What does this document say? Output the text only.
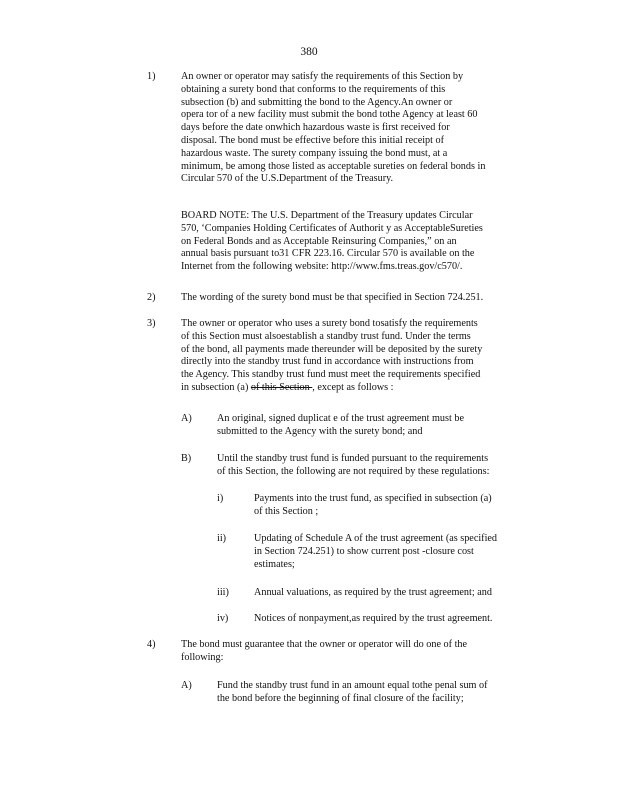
380
1)	An owner or operator may satisfy the requirements of this Section by
obtaining a surety bond that conforms to the requirements of this
subsection (b) and submitting the bond to the Agency.An owner or
opera tor of a new facility must submit the bond tothe Agency at least 60
days before the date onwhich hazardous waste is first received for
disposal. The bond must be effective before this initial receipt of
hazardous waste. The surety company issuing the bond must, at a
minimum, be among those listed as acceptable sureties on federal bonds in
Circular 570 of the U.S.Department of the Treasury.
BOARD NOTE: The U.S. Department of the Treasury updates Circular
570, ‘Companies Holding Certificates of Authorit y as AcceptableSureties
on Federal Bonds and as Acceptable Reinsuring Companies,” on an
annual basis pursuant to31 CFR 223.16. Circular 570 is available on the
Internet from the following website: http://www.fms.treas.gov/c570/.
2)	The wording of the surety bond must be that specified in Section 724.251.
3)	The owner or operator who uses a surety bond tosatisfy the requirements
of this Section must alsoestablish a standby trust fund. Under the terms
of the bond, all payments made thereunder will be deposited by the surety
directly into the standby trust fund in accordance with instructions from
the Agency. This standby trust fund must meet the requirements specified
in subsection (a) of this Section , except as follows :
A) An original, signed duplicat e of the trust agreement must be
submitted to the Agency with the surety bond; and
B)	Until the standby trust fund is funded pursuant to the requirements
of this Section, the following are not required by these regulations:
i)	Payments into the trust fund, as specified in subsection (a)
of this Section ;
ii)	Updating of Schedule A of the trust agreement (as specified
in Section 724.251) to show current post -closure cost
estimates;
iii) Annual valuations, as required by the trust agreement; and
iv)	Notices of nonpayment,as required by the trust agreement.
4)	The bond must guarantee that the owner or operator will do one of the
following:
A) Fund the standby trust fund in an amount equal tothe penal sum of
the bond before the beginning of final closure of the facility;
